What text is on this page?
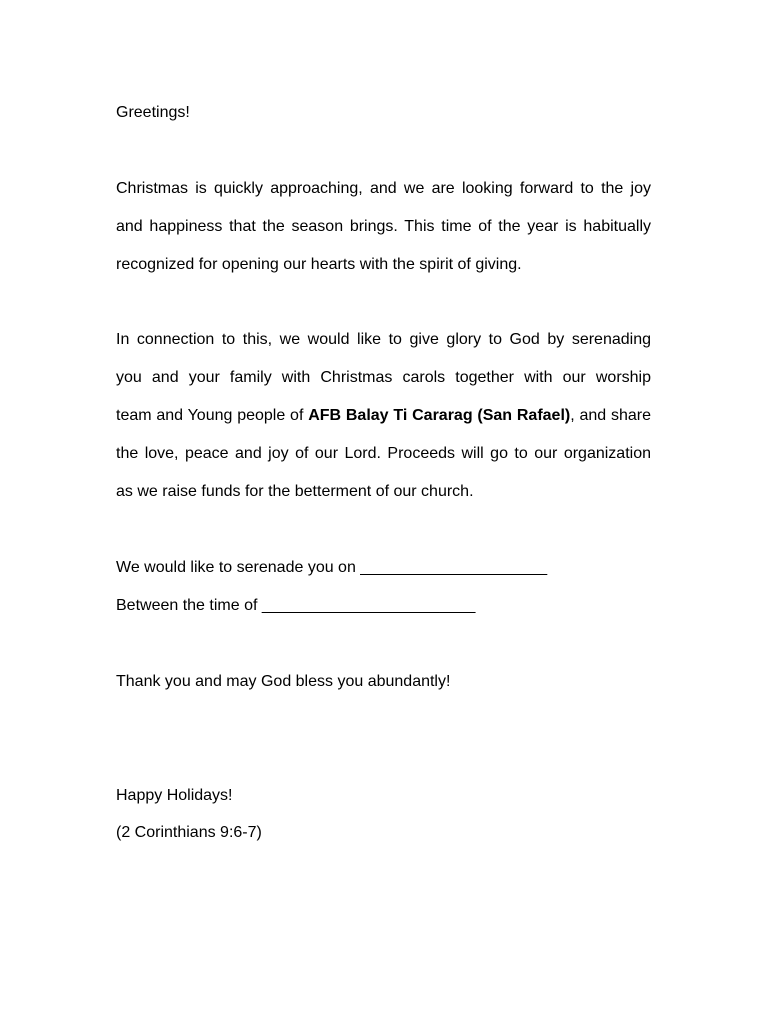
Greetings!
Christmas is quickly approaching, and we are looking forward to the joy
and happiness that the season brings. This time of the year is habitually
recognized for opening our hearts with the spirit of giving.
In connection to this, we would like to give glory to God by serenading
you and your family with Christmas carols together with our worship
team and Young people of AFB Balay Ti Cararag (San Rafael), and share
the love, peace and joy of our Lord. Proceeds will go to our organization
as we raise funds for the betterment of our church.
We would like to serenade you on _____________________
Between the time of ________________________
Thank you and may God bless you abundantly!
Happy Holidays!
(2 Corinthians 9:6-7)
